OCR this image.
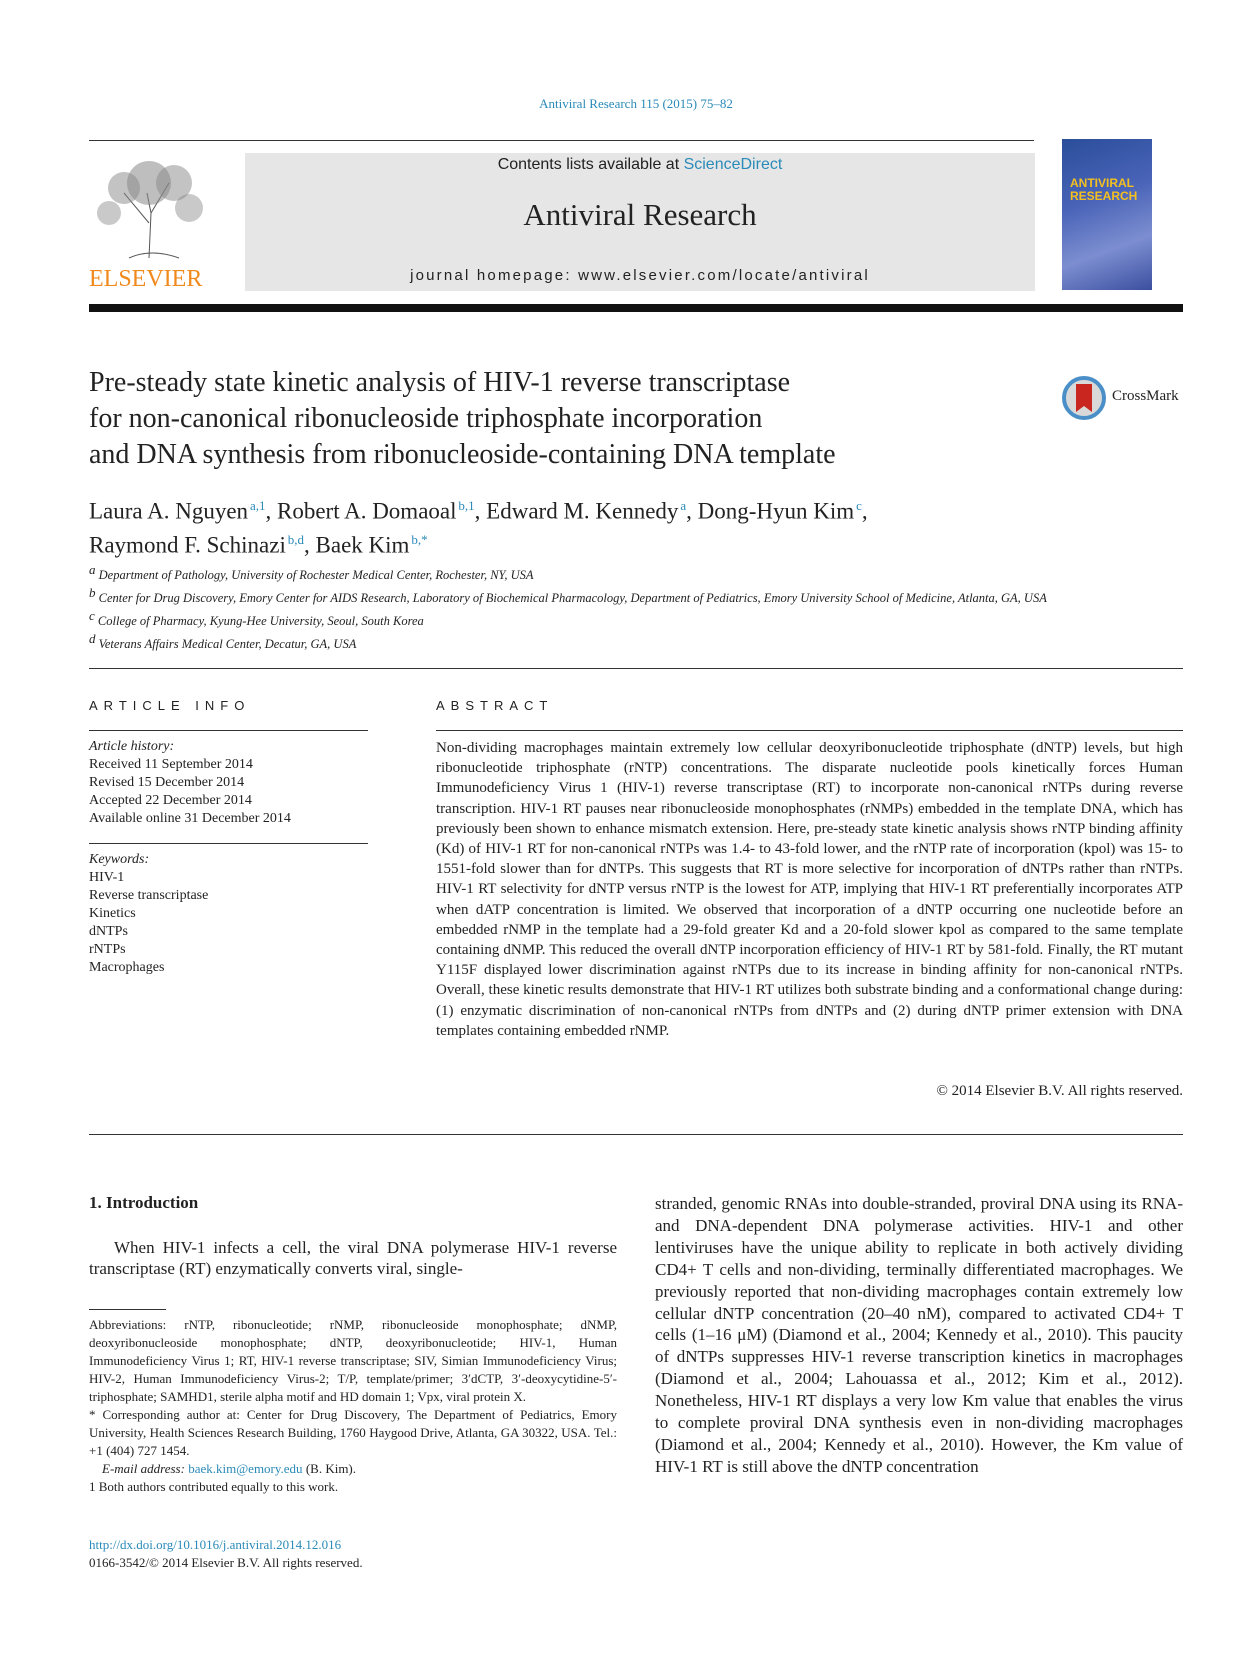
Antiviral Research 115 (2015) 75–82
ELSEVIER
Contents lists available at ScienceDirect
Antiviral Research
journal homepage: www.elsevier.com/locate/antiviral
ANTIVIRAL RESEARCH
Pre-steady state kinetic analysis of HIV-1 reverse transcriptase
for non-canonical ribonucleoside triphosphate incorporation
and DNA synthesis from ribonucleoside-containing DNA template
CrossMark
Laura A. Nguyen  $^{a,1}$, Robert A. Domaoal  $^{b,1}$, Edward M. Kennedy  $^a$, Dong-Hyun Kim  $^c$,
Raymond F. Schinazi  $^{b,d}$, Baek Kim  $^{b,*}$
$^a$ Department of Pathology, University of Rochester Medical Center, Rochester, NY, USA
$^b$ Center for Drug Discovery, Emory Center for AIDS Research, Laboratory of Biochemical Pharmacology, Department of Pediatrics, Emory University School of Medicine, Atlanta, GA, USA
$^c$ College of Pharmacy, Kyung-Hee University, Seoul, South Korea
$^d$ Veterans Affairs Medical Center, Decatur, GA, USA
ARTICLE INFO	ABSTRACT
Article history:
Received 11 September 2014
Revised 15 December 2014
Accepted 22 December 2014
Available online 31 December 2014
Keywords:
HIV-1
Reverse transcriptase
Kinetics
dNTPs
rNTPs
Macrophages
Non-dividing macrophages maintain extremely low cellular deoxyribonucleotide triphosphate (dNTP) levels, but high ribonucleotide triphosphate (rNTP) concentrations. The disparate nucleotide pools kinetically forces Human Immunodeficiency Virus 1 (HIV-1) reverse transcriptase (RT) to incorporate non-canonical rNTPs during reverse transcription. HIV-1 RT pauses near ribonucleoside monophosphates (rNMPs) embedded in the template DNA, which has previously been shown to enhance mismatch extension. Here, pre-steady state kinetic analysis shows rNTP binding affinity (Kd) of HIV-1 RT for non-canonical rNTPs was 1.4- to 43-fold lower, and the rNTP rate of incorporation (kpol) was 15- to 1551-fold slower than for dNTPs. This suggests that RT is more selective for incorporation of dNTPs rather than rNTPs. HIV-1 RT selectivity for dNTP versus rNTP is the lowest for ATP, implying that HIV-1 RT preferentially incorporates ATP when dATP concentration is limited. We observed that incorporation of a dNTP occurring one nucleotide before an embedded rNMP in the template had a 29-fold greater Kd and a 20-fold slower kpol as compared to the same template containing dNMP. This reduced the overall dNTP incorporation efficiency of HIV-1 RT by 581-fold. Finally, the RT mutant Y115F displayed lower discrimination against rNTPs due to its increase in binding affinity for non-canonical rNTPs. Overall, these kinetic results demonstrate that HIV-1 RT utilizes both substrate binding and a conformational change during: (1) enzymatic discrimination of non-canonical rNTPs from dNTPs and (2) during dNTP primer extension with DNA templates containing embedded rNMP.
© 2014 Elsevier B.V. All rights reserved.
1. Introduction
When HIV-1 infects a cell, the viral DNA polymerase HIV-1 reverse transcriptase (RT) enzymatically converts viral, single-
Abbreviations: rNTP, ribonucleotide; rNMP, ribonucleoside monophosphate; dNMP, deoxyribonucleoside monophosphate; dNTP, deoxyribonucleotide; HIV-1, Human Immunodeficiency Virus 1; RT, HIV-1 reverse transcriptase; SIV, Simian Immunodeficiency Virus; HIV-2, Human Immunodeficiency Virus-2; T/P, template/primer; 3′dCTP, 3′-deoxycytidine-5′-triphosphate; SAMHD1, sterile alpha motif and HD domain 1; Vpx, viral protein X.
* Corresponding author at: Center for Drug Discovery, The Department of Pediatrics, Emory University, Health Sciences Research Building, 1760 Haygood Drive, Atlanta, GA 30322, USA. Tel.: +1 (404) 727 1454.
E-mail address: baek.kim@emory.edu (B. Kim).
1 Both authors contributed equally to this work.
http://dx.doi.org/10.1016/j.antiviral.2014.12.016
0166-3542/© 2014 Elsevier B.V. All rights reserved.
stranded, genomic RNAs into double-stranded, proviral DNA using its RNA- and DNA-dependent DNA polymerase activities. HIV-1 and other lentiviruses have the unique ability to replicate in both actively dividing CD4+ T cells and non-dividing, terminally differentiated macrophages. We previously reported that non-dividing macrophages contain extremely low cellular dNTP concentration (20–40 nM), compared to activated CD4+ T cells (1–16 μM) (Diamond et al., 2004; Kennedy et al., 2010). This paucity of dNTPs suppresses HIV-1 reverse transcription kinetics in macrophages (Diamond et al., 2004; Lahouassa et al., 2012; Kim et al., 2012). Nonetheless, HIV-1 RT displays a very low Km value that enables the virus to complete proviral DNA synthesis even in non-dividing macrophages (Diamond et al., 2004; Kennedy et al., 2010). However, the Km value of HIV-1 RT is still above the dNTP concentration
